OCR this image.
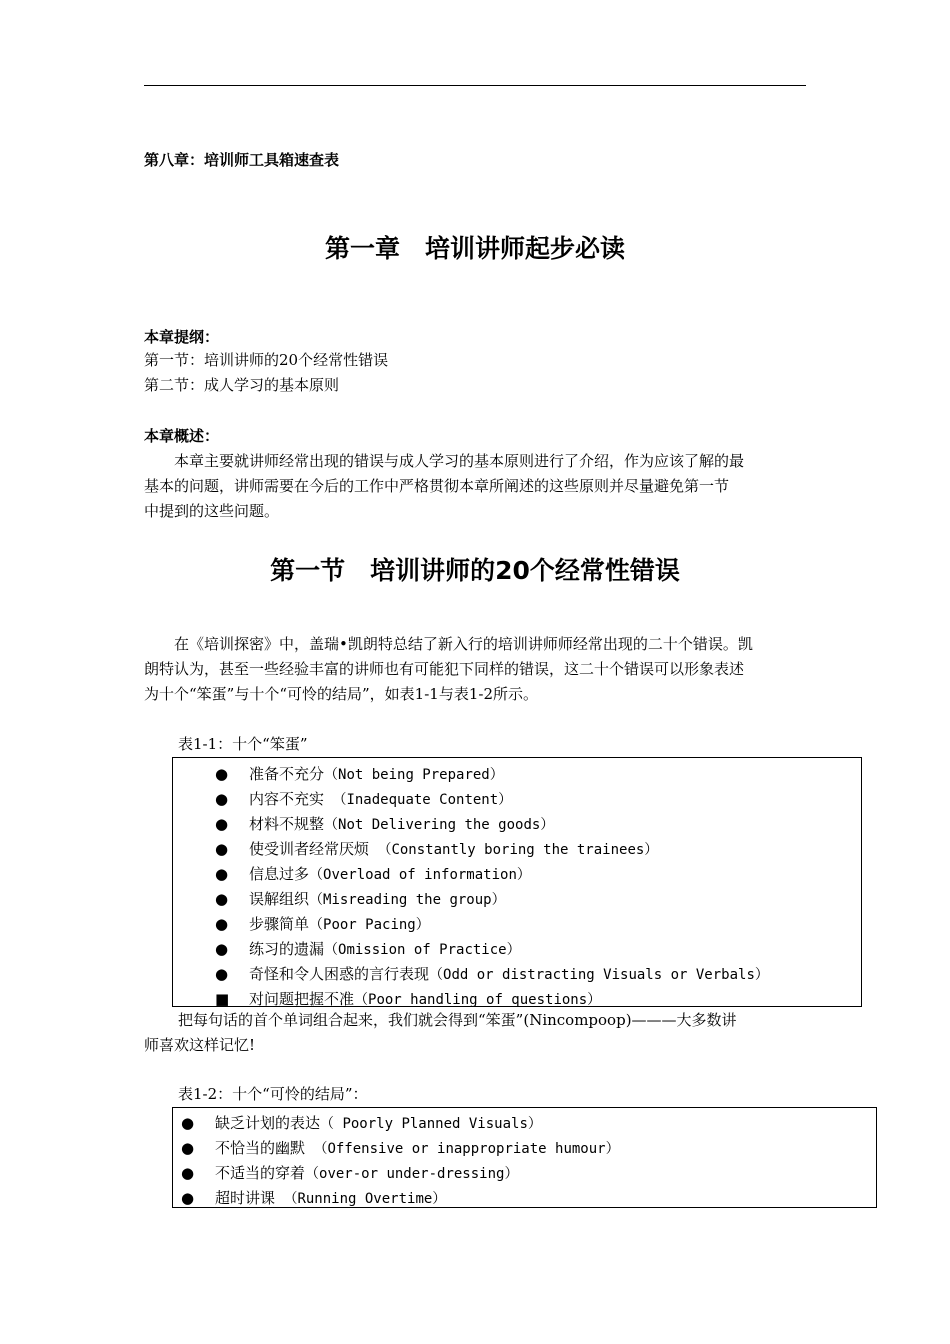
第八章：培训师工具箱速查表
第一章　培训讲师起步必读
本章提纲：
第一节：培训讲师的20个经常性错误
第二节：成人学习的基本原则
本章概述：
本章主要就讲师经常出现的错误与成人学习的基本原则进行了介绍，作为应该了解的最
基本的问题，讲师需要在今后的工作中严格贯彻本章所阐述的这些原则并尽量避免第一节
中提到的这些问题。
第一节　培训讲师的20个经常性错误
在《培训探密》中，盖瑞•凯朗特总结了新入行的培训讲师师经常出现的二十个错误。凯
朗特认为，甚至一些经验丰富的讲师也有可能犯下同样的错误，这二十个错误可以形象表述
为十个“笨蛋”与十个“可怜的结局”，如表1-1与表1-2所示。
表1-1：十个“笨蛋”
● 准备不充分（Not being Prepared）
● 内容不充实 （Inadequate Content）
● 材料不规整（Not Delivering the goods）
● 使受训者经常厌烦 （Constantly boring the trainees）
● 信息过多（Overload of information）
● 误解组织（Misreading the group）
● 步骤简单（Poor Pacing）
● 练习的遗漏（Omission of Practice）
● 奇怪和令人困惑的言行表现（Odd or distracting Visuals or Verbals）
■ 对问题把握不准（Poor handling of questions）
把每句话的首个单词组合起来，我们就会得到“笨蛋”(Nincompoop)———大多数讲
师喜欢这样记忆!
表1-2：十个“可怜的结局”：
● 缺乏计划的表达（ Poorly Planned Visuals）
● 不恰当的幽默 （Offensive or inappropriate humour）
● 不适当的穿着（over-or under-dressing）
● 超时讲课 （Running Overtime）
